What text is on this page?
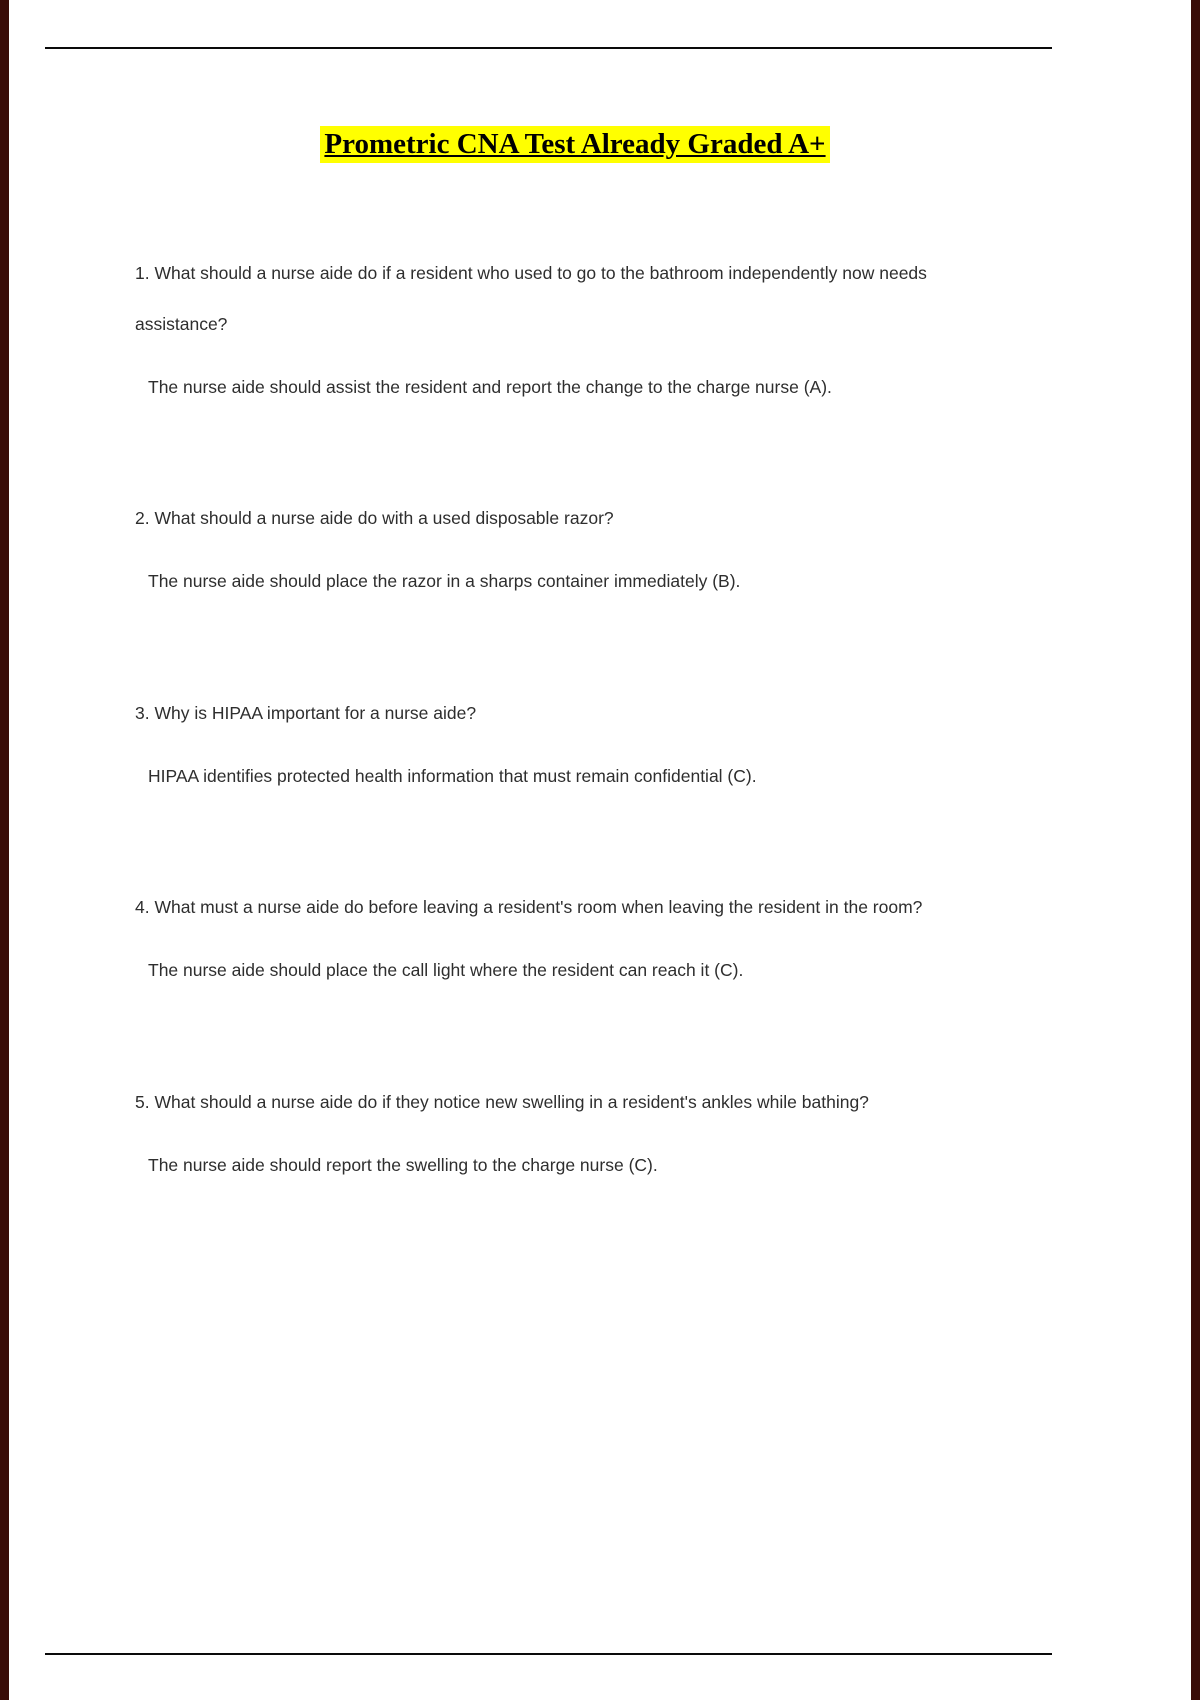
Prometric CNA Test Already Graded A+

1. What should a nurse aide do if a resident who used to go to the bathroom independently now needs assistance?

The nurse aide should assist the resident and report the change to the charge nurse (A).

2. What should a nurse aide do with a used disposable razor?

The nurse aide should place the razor in a sharps container immediately (B).

3. Why is HIPAA important for a nurse aide?

HIPAA identifies protected health information that must remain confidential (C).

4. What must a nurse aide do before leaving a resident's room when leaving the resident in the room?

The nurse aide should place the call light where the resident can reach it (C).

5. What should a nurse aide do if they notice new swelling in a resident's ankles while bathing?

The nurse aide should report the swelling to the charge nurse (C).
